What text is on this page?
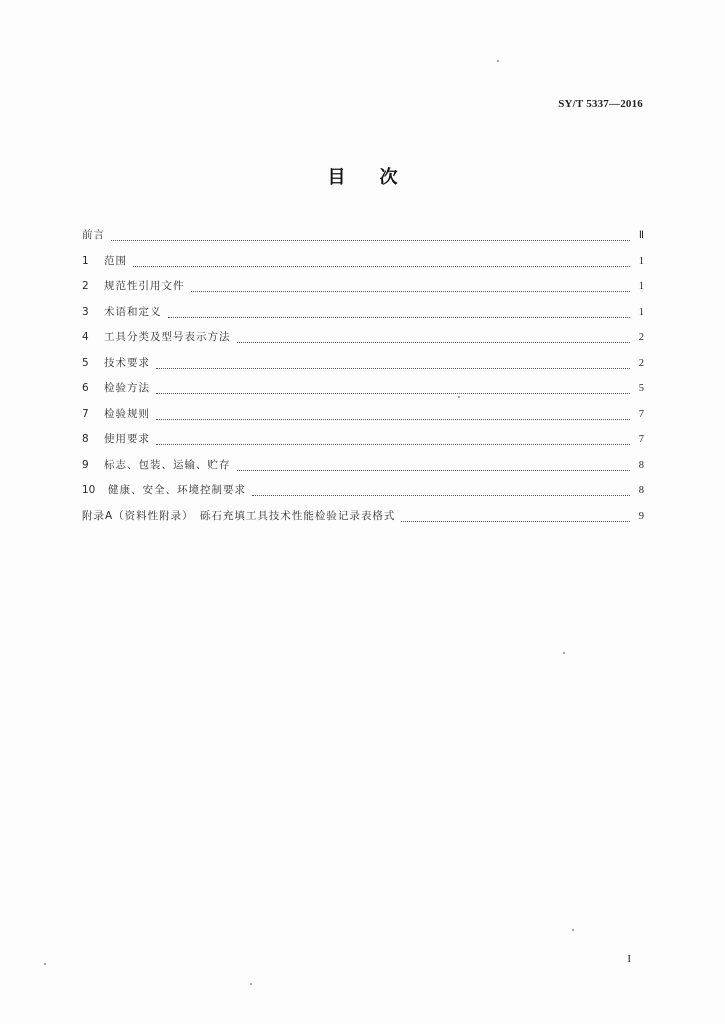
SY/T 5337—2016
目 次
前言	Ⅱ
1	范围	1
2	规范性引用文件	1
3	术语和定义	1
4	工具分类及型号表示方法	2
5	技术要求	2
6	检验方法	5
7	检验规则	7
8	使用要求	7
9	标志、包装、运输、贮存	8
10	健康、安全、环境控制要求	8
附录A（资料性附录）　砾石充填工具技术性能检验记录表格式	9
I
